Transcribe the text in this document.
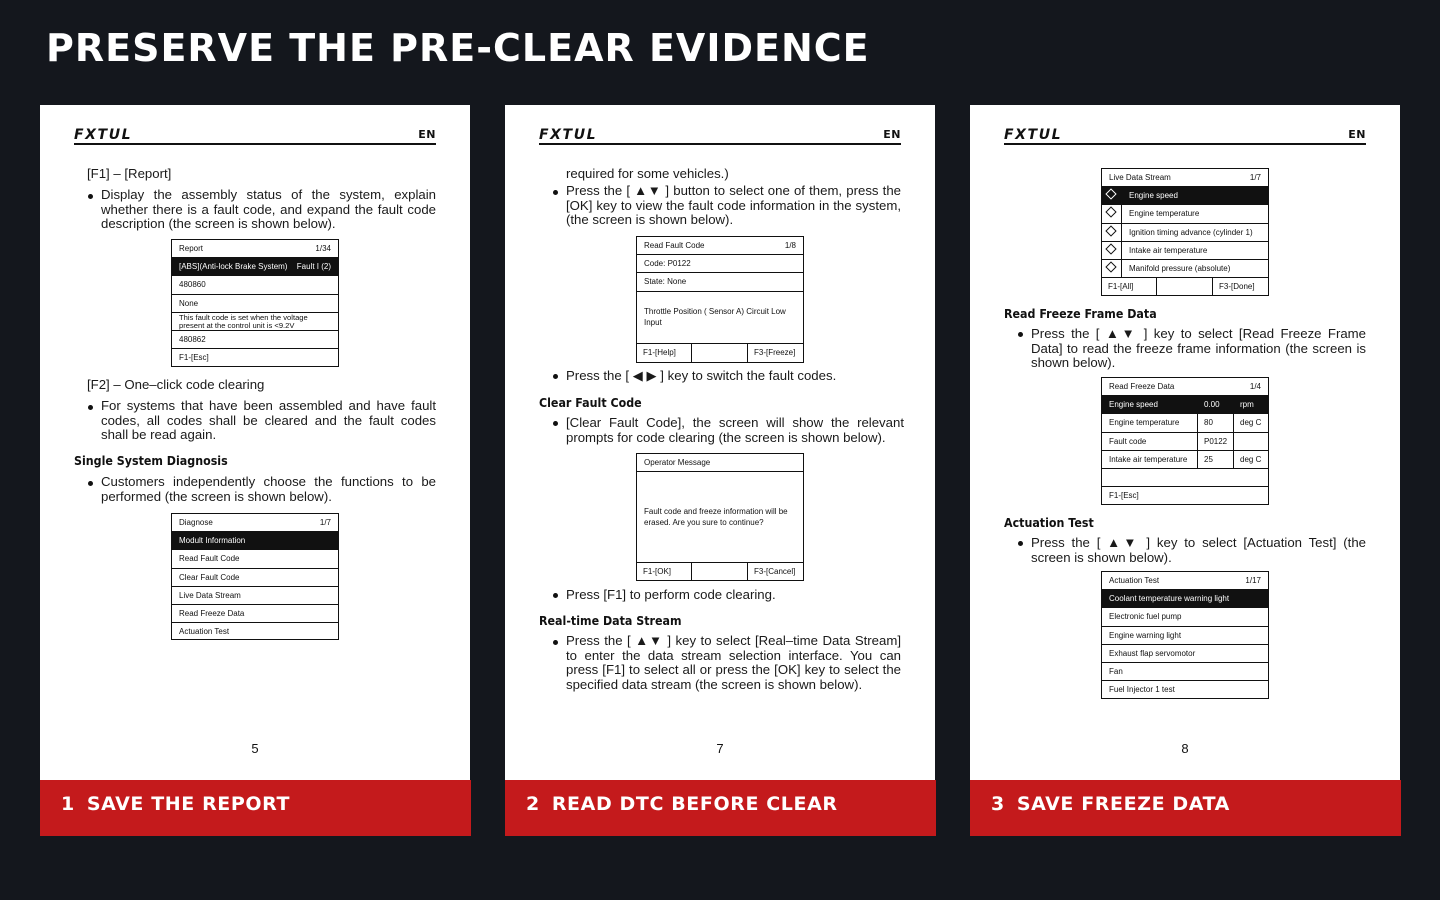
PRESERVE THE PRE-CLEAR EVIDENCE
FXTUL	EN
[F1] – [Report]
Display the assembly status of the system, explain whether there is a fault code, and expand the fault code description (the screen is shown below).
Report	1/34
[ABS](Anti-lock Brake System) Fault I (2)
480860
None
This fault code is set when the voltage present at the control unit is <9.2V
480862
F1-[Esc]
[F2] – One–click code clearing
For systems that have been assembled and have fault codes, all codes shall be cleared and the fault codes shall be read again.
Single System Diagnosis
Customers independently choose the functions to be performed (the screen is shown below).
Diagnose	1/7
Modult Information
Read Fault Code
Clear Fault Code
Live Data Stream
Read Freeze Data
Actuation Test
5
1 SAVE THE REPORT
FXTUL	EN
required for some vehicles.)
Press the [ ▲▼ ] button to select one of them, press the [OK] key to view the fault code information in the system, (the screen is shown below).
Read Fault Code	1/8
Code: P0122
State: None
Throttle Position ( Sensor A) Circuit Low Input
F1-[Help]	F3-[Freeze]
Press the [ ◀ ▶ ] key to switch the fault codes.
Clear Fault Code
[Clear Fault Code], the screen will show the relevant prompts for code clearing (the screen is shown below).
Operator Message
Fault code and freeze information will be erased. Are you sure to continue?
F1-[OK]	F3-[Cancel]
Press [F1] to perform code clearing.
Real-time Data Stream
Press the [ ▲▼ ] key to select [Real–time Data Stream] to enter the data stream selection interface. You can press [F1] to select all or press the [OK] key to select the specified data stream (the screen is shown below).
7
2 READ DTC BEFORE CLEAR
FXTUL	EN
Live Data Stream	1/7
Engine speed
Engine temperature
Ignition timing advance (cylinder 1)
Intake air temperature
Manifold pressure (absolute)
F1-[All]	F3-[Done]
Read Freeze Frame Data
Press the [ ▲▼ ] key to select [Read Freeze Frame Data] to read the freeze frame information (the screen is shown below).
Read Freeze Data	1/4
Engine speed	0.00	rpm
Engine temperature	80	deg C
Fault code	P0122
Intake air temperature	25	deg C
F1-[Esc]
Actuation Test
Press the [ ▲▼ ] key to select [Actuation Test] (the screen is shown below).
Actuation Test	1/17
Coolant temperature warning light
Electronic fuel pump
Engine warning light
Exhaust flap servomotor
Fan
Fuel Injector 1 test
8
3 SAVE FREEZE DATA
